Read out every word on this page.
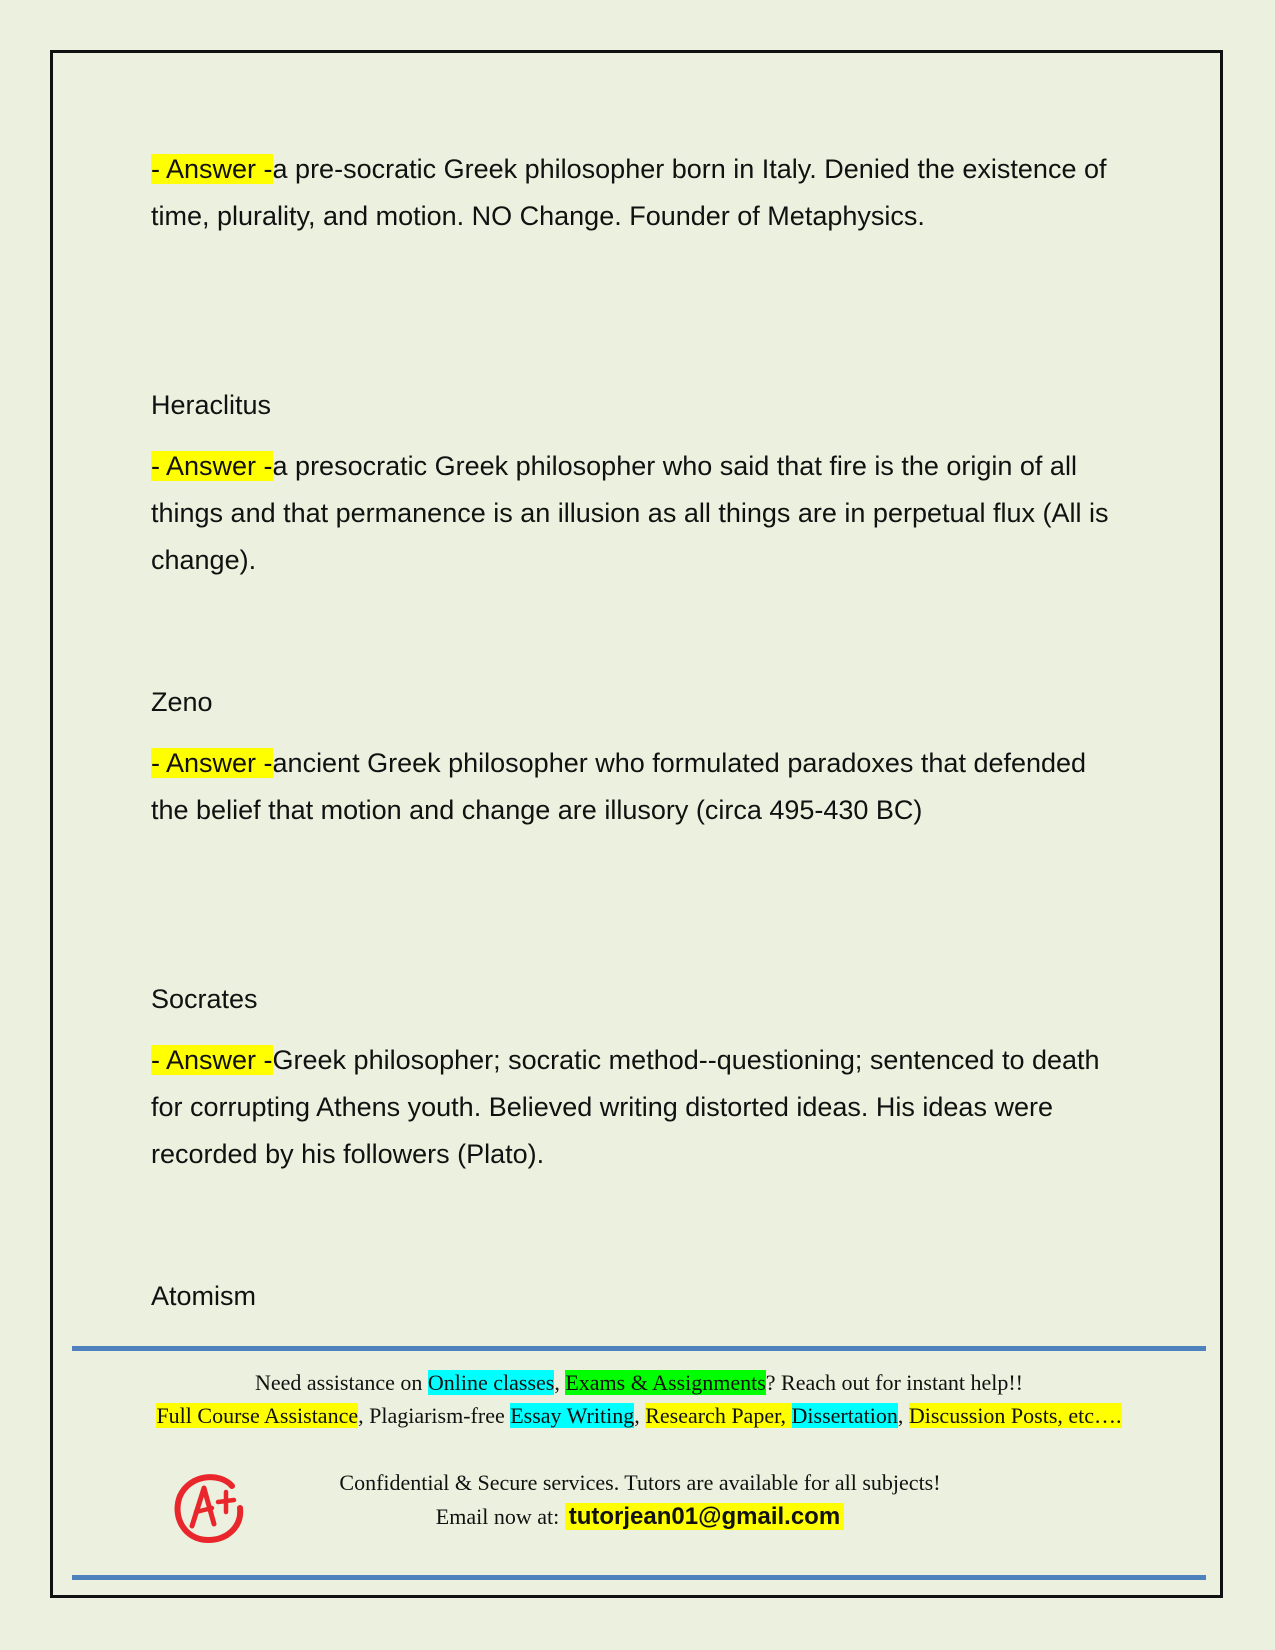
- Answer -a pre-socratic Greek philosopher born in Italy. Denied the existence of time, plurality, and motion. NO Change. Founder of Metaphysics.

Heraclitus

- Answer -a presocratic Greek philosopher who said that fire is the origin of all things and that permanence is an illusion as all things are in perpetual flux (All is change).

Zeno

- Answer -ancient Greek philosopher who formulated paradoxes that defended the belief that motion and change are illusory (circa 495-430 BC)

Socrates

- Answer -Greek philosopher; socratic method--questioning; sentenced to death for corrupting Athens youth. Believed writing distorted ideas. His ideas were recorded by his followers (Plato).

Atomism

Need assistance on Online classes, Exams & Assignments? Reach out for instant help!!
Full Course Assistance, Plagiarism-free Essay Writing, Research Paper, Dissertation, Discussion Posts, etc….
Confidential & Secure services. Tutors are available for all subjects!
Email now at: tutorjean01@gmail.com
